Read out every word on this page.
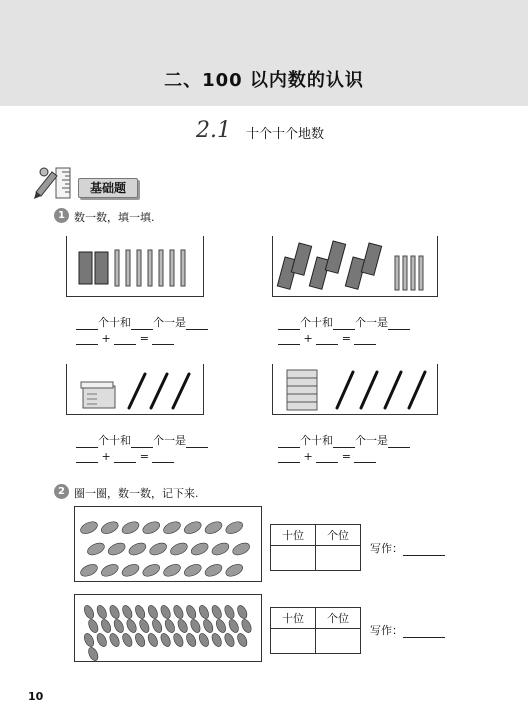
二、100 以内数的认识
2.1 十个十个地数
基础题
1 数一数，填一填.
个十和 个一是
+	=
个十和 个一是
+	=
个十和 个一是
+	=
个十和 个一是
+	=
2 圈一圈，数一数，记下来.
十位	个位

写作：
十位	个位

写作：
10
